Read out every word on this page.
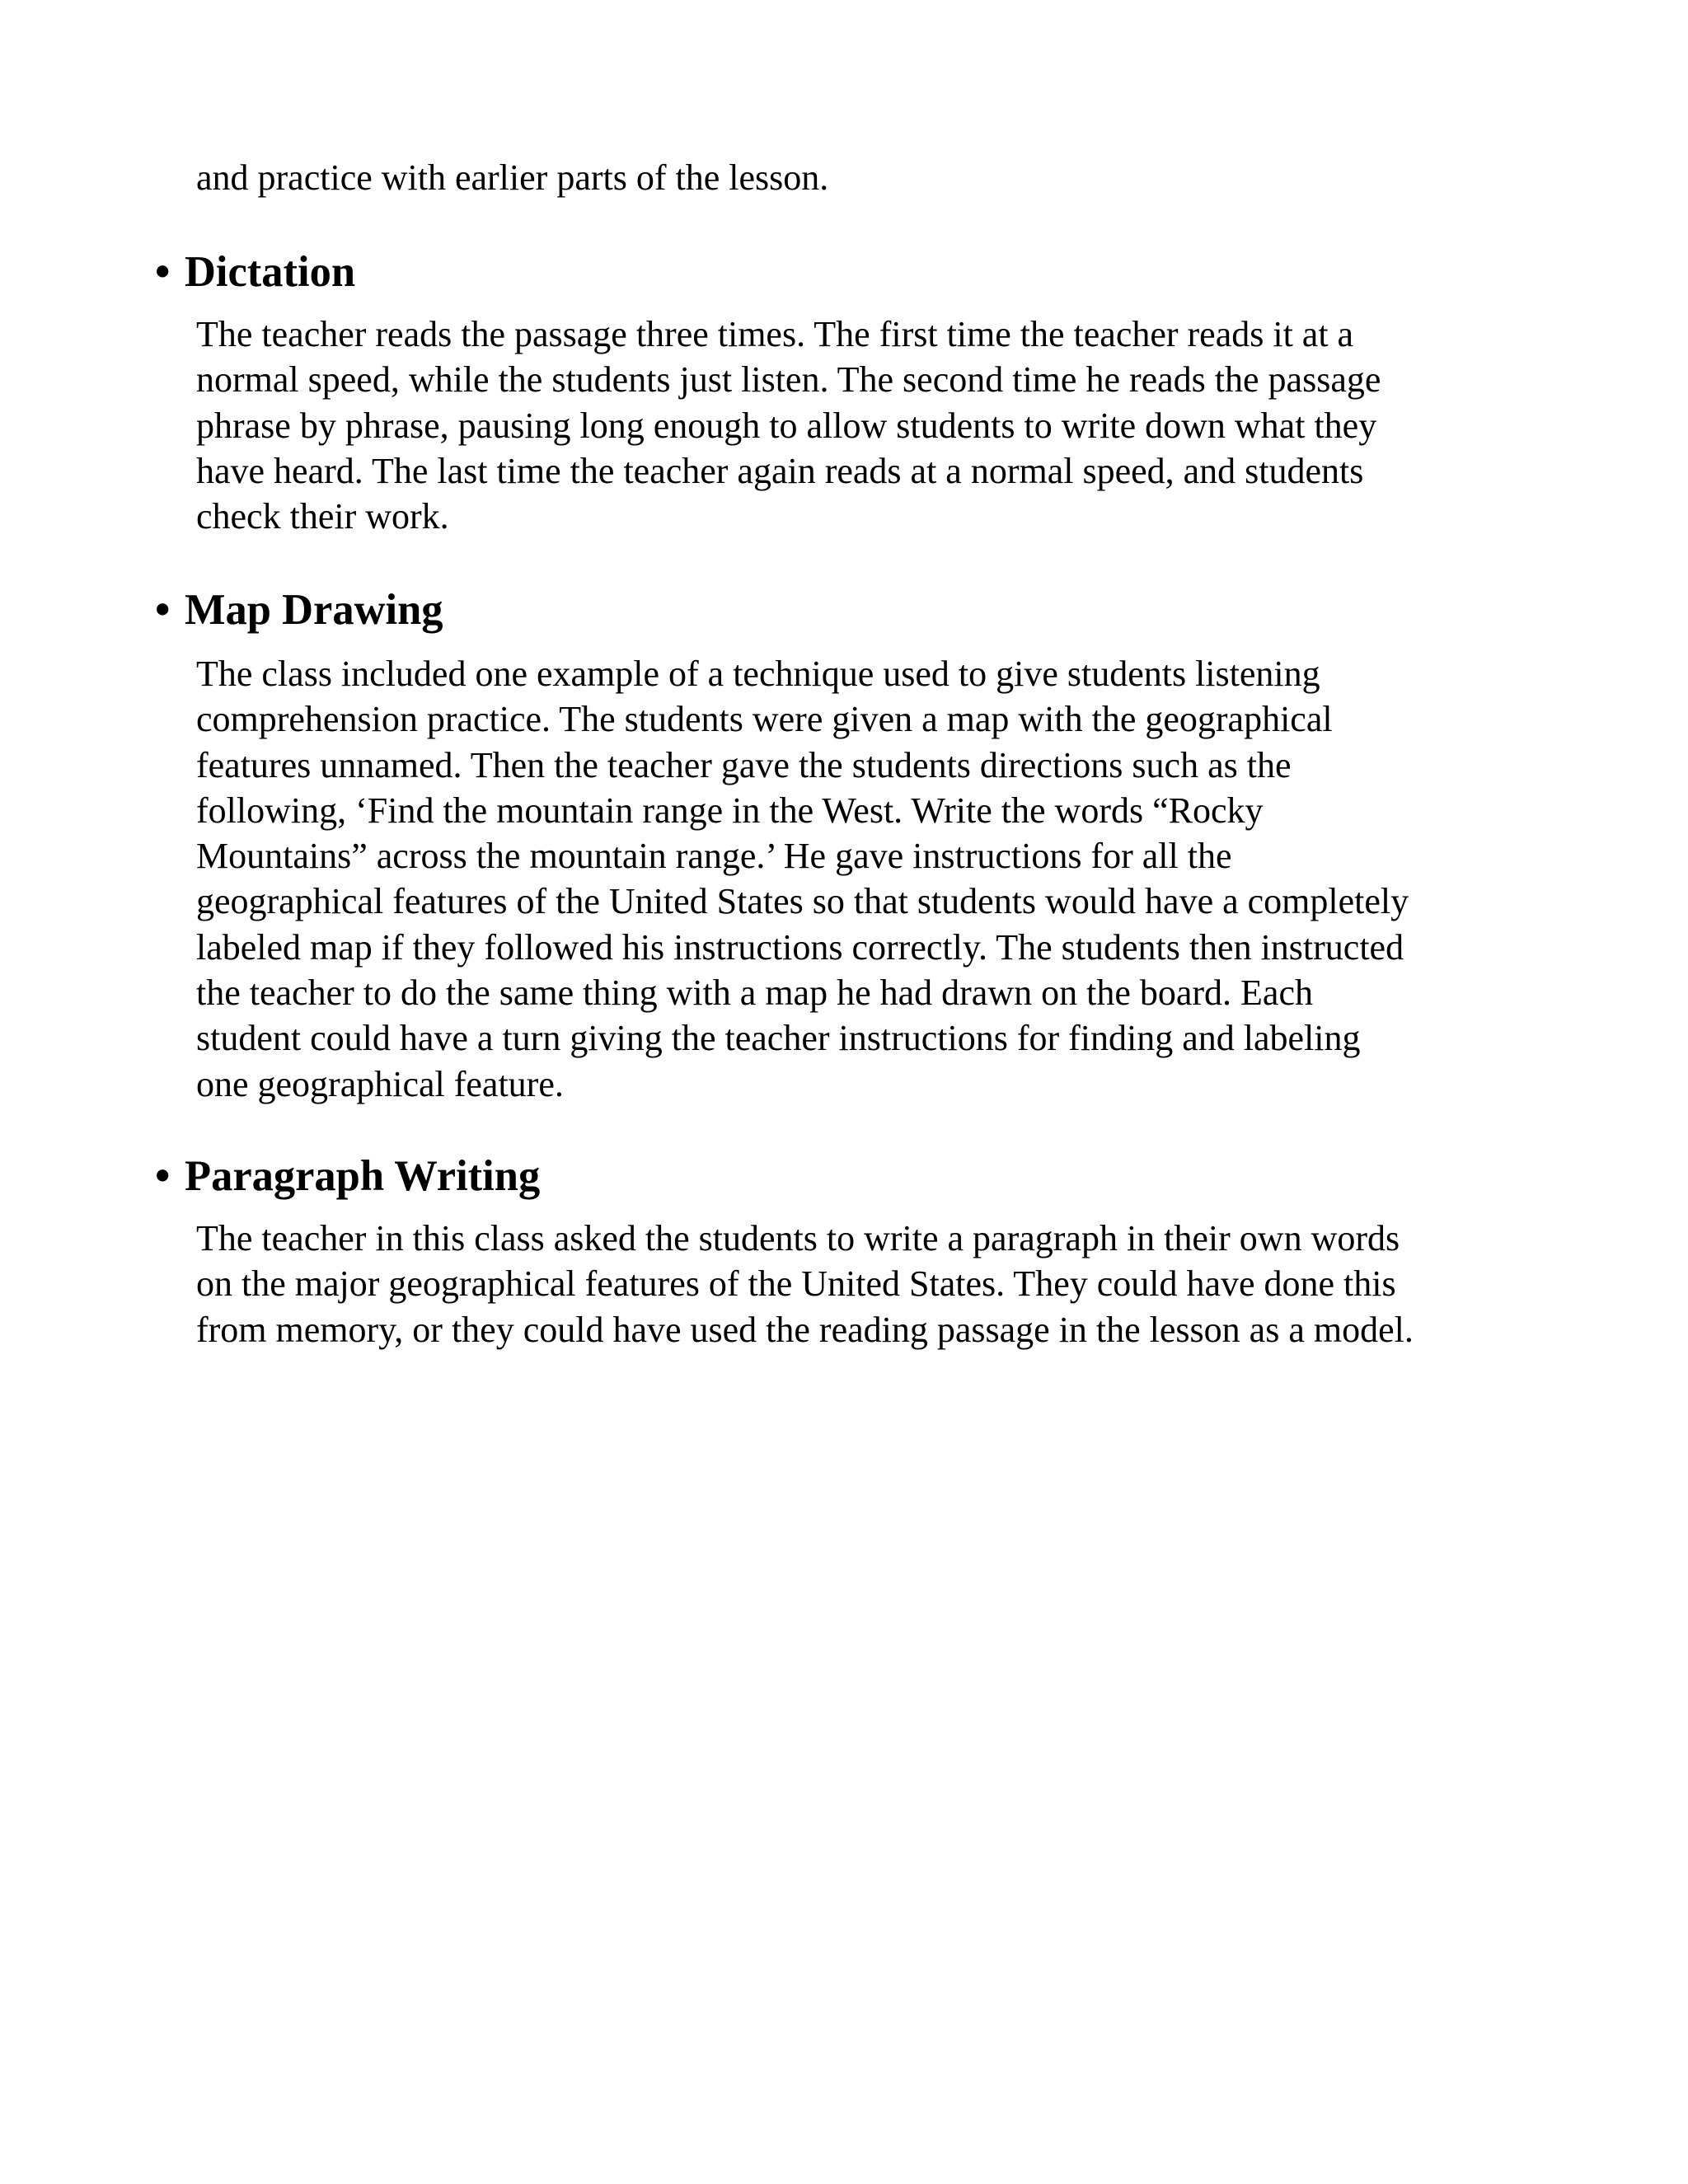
and practice with earlier parts of the lesson.

• Dictation

The teacher reads the passage three times. The first time the teacher reads it at a
normal speed, while the students just listen. The second time he reads the passage
phrase by phrase, pausing long enough to allow students to write down what they
have heard. The last time the teacher again reads at a normal speed, and students
check their work.

• Map Drawing

The class included one example of a technique used to give students listening
comprehension practice. The students were given a map with the geographical
features unnamed. Then the teacher gave the students directions such as the
following, ‘Find the mountain range in the West. Write the words “Rocky
Mountains” across the mountain range.’ He gave instructions for all the
geographical features of the United States so that students would have a completely
labeled map if they followed his instructions correctly. The students then instructed
the teacher to do the same thing with a map he had drawn on the board. Each
student could have a turn giving the teacher instructions for finding and labeling
one geographical feature.

• Paragraph Writing

The teacher in this class asked the students to write a paragraph in their own words
on the major geographical features of the United States. They could have done this
from memory, or they could have used the reading passage in the lesson as a model.
